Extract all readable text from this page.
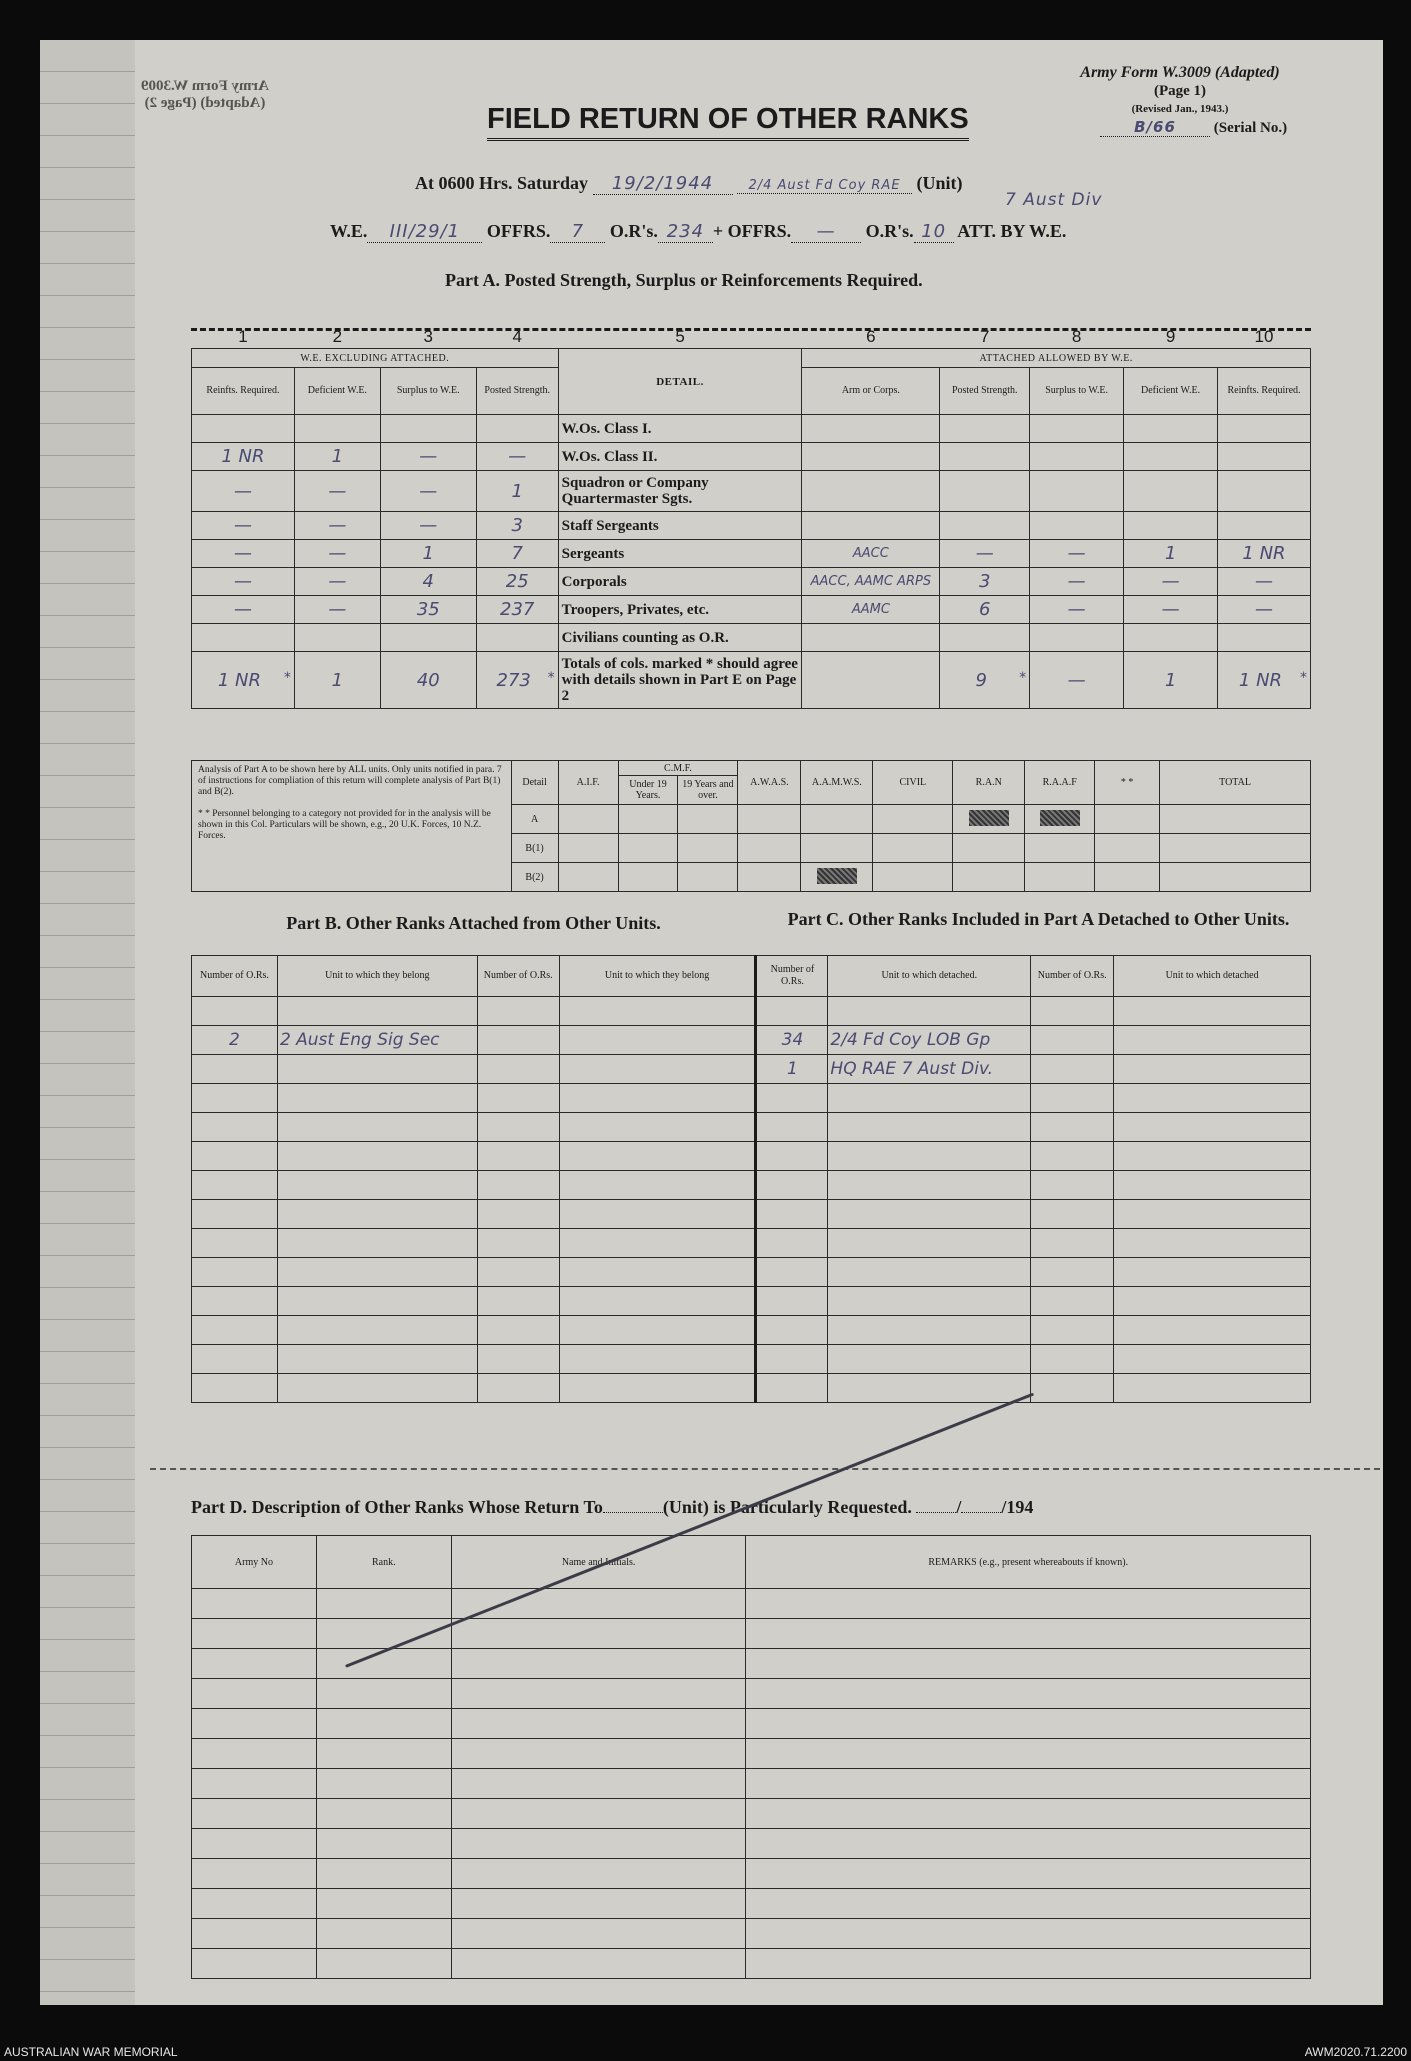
Army Form W.3009 (Adapted) (Page 2)
Army Form W.3009 (Adapted)
(Page 1)
(Revised Jan., 1943.)
B/66	(Serial No.)
FIELD RETURN OF OTHER RANKS
At 0600 Hrs. Saturday 19/2/1944	2/4 Aust Fd Coy RAE (Unit)
7 Aust Div
W.E. III/29/1 OFFRS. 7 O.R's. 234 + OFFRS. — O.R's. 10 ATT. BY W.E.
Part A. Posted Strength, Surplus or Reinforcements Required.
1	2	3	4	5	6	7	8	9	10
W.E. EXCLUDING ATTACHED.				DETAIL.	ATTACHED ALLOWED BY W.E.				
Reinfts. Required.	Deficient W.E.	Surplus to W.E.	Posted Strength.		Arm or Corps.	Posted Strength.	Surplus to W.E.	Deficient W.E.	Reinfts. Required.
				W.Os. Class I.					
1 NR	1	—	—	W.Os. Class II.					
—	—	—	1	Squadron or Company Quartermaster Sgts.					
—	—	—	3	Staff Sergeants					
—	—	1	7	Sergeants	AACC	—	—	1	1 NR
—	—	4	25	Corporals	AACC, AAMC ARPS	3	—	—	—
—	—	35	237	Troopers, Privates, etc.	AAMC	6	—	—	—
				Civilians counting as O.R.					
1 NR *	1	40	273 *	Totals of cols. marked * should agree with details shown in Part E on Page 2		9 *	—	1	1 NR *
Analysis of Part A to be shown here by ALL units. Only units notified in para. 7 of instructions for compliation of this return will complete analysis of Part B(1) and B(2).

* * Personnel belonging to a category not provided for in the analysis will be shown in this Col. Particulars will be shown, e.g., 20 U.K. Forces, 10 N.Z. Forces.	Detail	A.I.F.	C.M.F.		A.W.A.S.	A.A.M.W.S.	CIVIL	R.A.N	R.A.A.F	* *	TOTAL
			Under 19 Years.	19 Years and over.							
	A										
	B(1)										
	B(2)										
Part B. Other Ranks Attached from Other Units.	Part C. Other Ranks Included in Part A Detached to Other Units.
Number of O.Rs.	Unit to which they belong	Number of O.Rs.	Unit to which they belong	Number of O.Rs.	Unit to which detached.	Number of O.Rs.	Unit to which detached

2	2 Aust Eng Sig Sec			34	2/4 Fd Coy LOB Gp		
				1	HQ RAE 7 Aust Div.		

Part D. Description of Other Ranks Whose Return To	(Unit) is Particularly Requested. / /194
Army No	Rank.	Name and Initials.	REMARKS (e.g., present whereabouts if known).

AUSTRALIAN WAR MEMORIAL	AWM2020.71.2200
